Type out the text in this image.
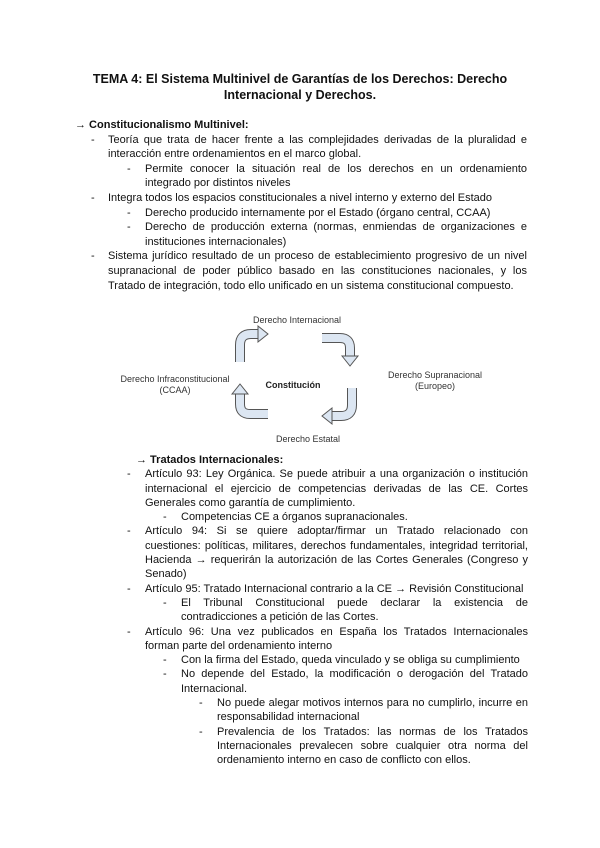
TEMA 4: El Sistema Multinivel de Garantías de los Derechos: Derecho Internacional y Derechos.
→ Constitucionalismo Multinivel:
- Teoría que trata de hacer frente a las complejidades derivadas de la pluralidad e interacción entre ordenamientos en el marco global.
- Permite conocer la situación real de los derechos en un ordenamiento integrado por distintos niveles
- Integra todos los espacios constitucionales a nivel interno y externo del Estado
- Derecho producido internamente por el Estado (órgano central, CCAA)
- Derecho de producción externa (normas, enmiendas de organizaciones e instituciones internacionales)
- Sistema jurídico resultado de un proceso de establecimiento progresivo de un nivel supranacional de poder público basado en las constituciones nacionales, y los Tratado de integración, todo ello unificado en un sistema constitucional compuesto.
Derecho Internacional
Derecho Supranacional
(Europeo)
Derecho Estatal
Derecho Infraconstitucional
(CCAA)	Constitución
→ Tratados Internacionales:
- Artículo 93: Ley Orgánica. Se puede atribuir a una organización o institución internacional el ejercicio de competencias derivadas de las CE. Cortes Generales como garantía de cumplimiento.
- Competencias CE a órganos supranacionales.
- Artículo 94: Si se quiere adoptar/firmar un Tratado relacionado con cuestiones: políticas, militares, derechos fundamentales, integridad territorial, Hacienda → requerirán la autorización de las Cortes Generales (Congreso y Senado)
- Artículo 95: Tratado Internacional contrario a la CE → Revisión Constitucional
- El Tribunal Constitucional puede declarar la existencia de contradicciones a petición de las Cortes.
- Artículo 96: Una vez publicados en España los Tratados Internacionales forman parte del ordenamiento interno
- Con la firma del Estado, queda vinculado y se obliga su cumplimiento
- No depende del Estado, la modificación o derogación del Tratado Internacional.
- No puede alegar motivos internos para no cumplirlo, incurre en responsabilidad internacional
- Prevalencia de los Tratados: las normas de los Tratados Internacionales prevalecen sobre cualquier otra norma del ordenamiento interno en caso de conflicto con ellos.
